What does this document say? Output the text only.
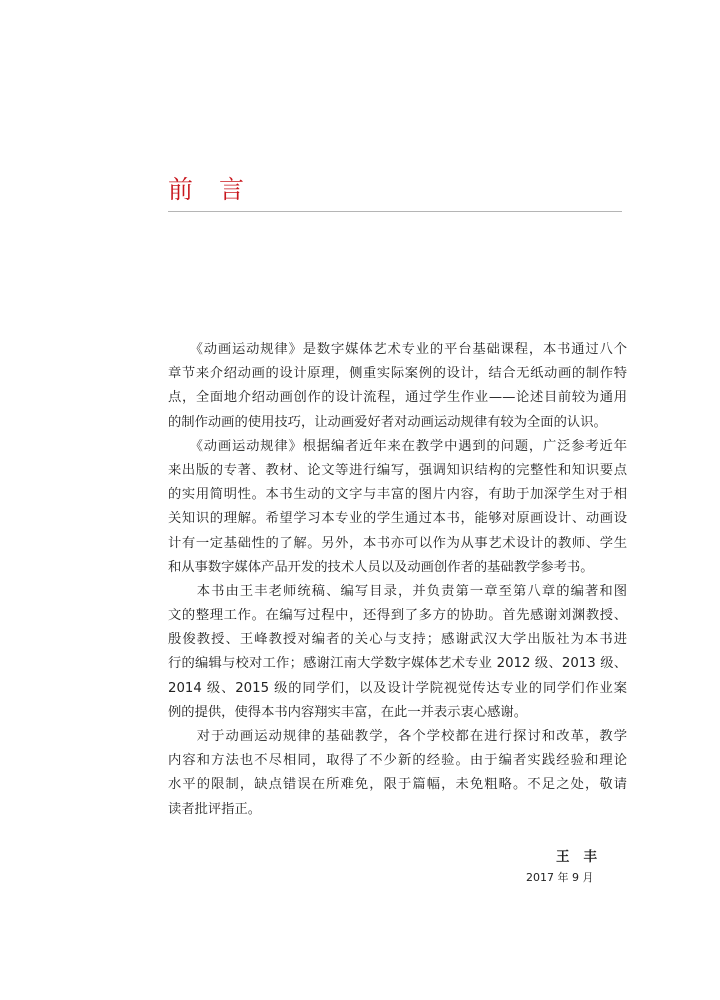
前言
　　《动画运动规律》是数字媒体艺术专业的平台基础课程，本书通过八个
章节来介绍动画的设计原理，侧重实际案例的设计，结合无纸动画的制作特
点，全面地介绍动画创作的设计流程，通过学生作业——论述目前较为通用
的制作动画的使用技巧，让动画爱好者对动画运动规律有较为全面的认识。
　　《动画运动规律》根据编者近年来在教学中遇到的问题，广泛参考近年
来出版的专著、教材、论文等进行编写，强调知识结构的完整性和知识要点
的实用简明性。本书生动的文字与丰富的图片内容，有助于加深学生对于相
关知识的理解。希望学习本专业的学生通过本书，能够对原画设计、动画设
计有一定基础性的了解。另外，本书亦可以作为从事艺术设计的教师、学生
和从事数字媒体产品开发的技术人员以及动画创作者的基础教学参考书。
　　本书由王丰老师统稿、编写目录，并负责第一章至第八章的编著和图
文的整理工作。在编写过程中，还得到了多方的协助。首先感谢刘渊教授、
殷俊教授、王峰教授对编者的关心与支持；感谢武汉大学出版社为本书进
行的编辑与校对工作；感谢江南大学数字媒体艺术专业 2012 级、2013 级、
2014 级、2015 级的同学们，以及设计学院视觉传达专业的同学们作业案
例的提供，使得本书内容翔实丰富，在此一并表示衷心感谢。
　　对于动画运动规律的基础教学，各个学校都在进行探讨和改革，教学
内容和方法也不尽相同，取得了不少新的经验。由于编者实践经验和理论
水平的限制，缺点错误在所难免，限于篇幅，未免粗略。不足之处，敬请
读者批评指正。
王丰
2017 年 9 月
